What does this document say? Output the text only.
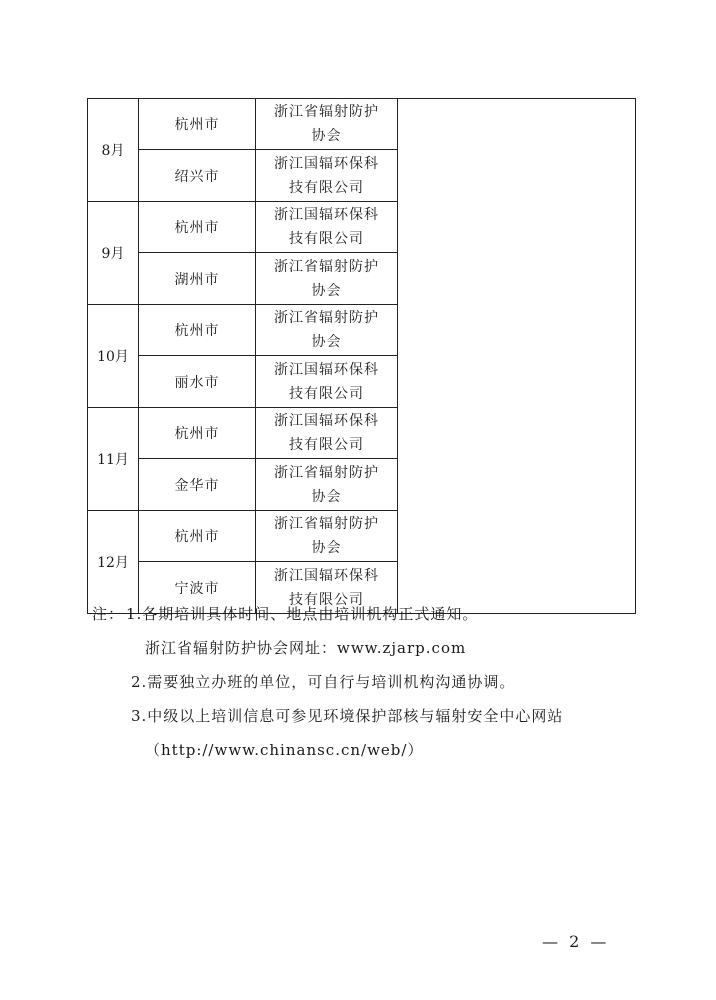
8月	杭州市	浙江省辐射防护
协会	

	绍兴市	浙江国辐环保科
技有限公司	

9月	杭州市	浙江国辐环保科
技有限公司	

	湖州市	浙江省辐射防护
协会	

10月	杭州市	浙江省辐射防护
协会	

	丽水市	浙江国辐环保科
技有限公司	

11月	杭州市	浙江国辐环保科
技有限公司	

	金华市	浙江省辐射防护
协会	

12月	杭州市	浙江省辐射防护
协会	

	宁波市	浙江国辐环保科
技有限公司	
注： 1.各期培训具体时间、地点由培训机构正式通知。
浙江省辐射防护协会网址：www.zjarp.com
2.需要独立办班的单位，可自行与培训机构沟通协调。
3.中级以上培训信息可参见环境保护部核与辐射安全中心网站
（http://www.chinansc.cn/web/）
— 2 —
